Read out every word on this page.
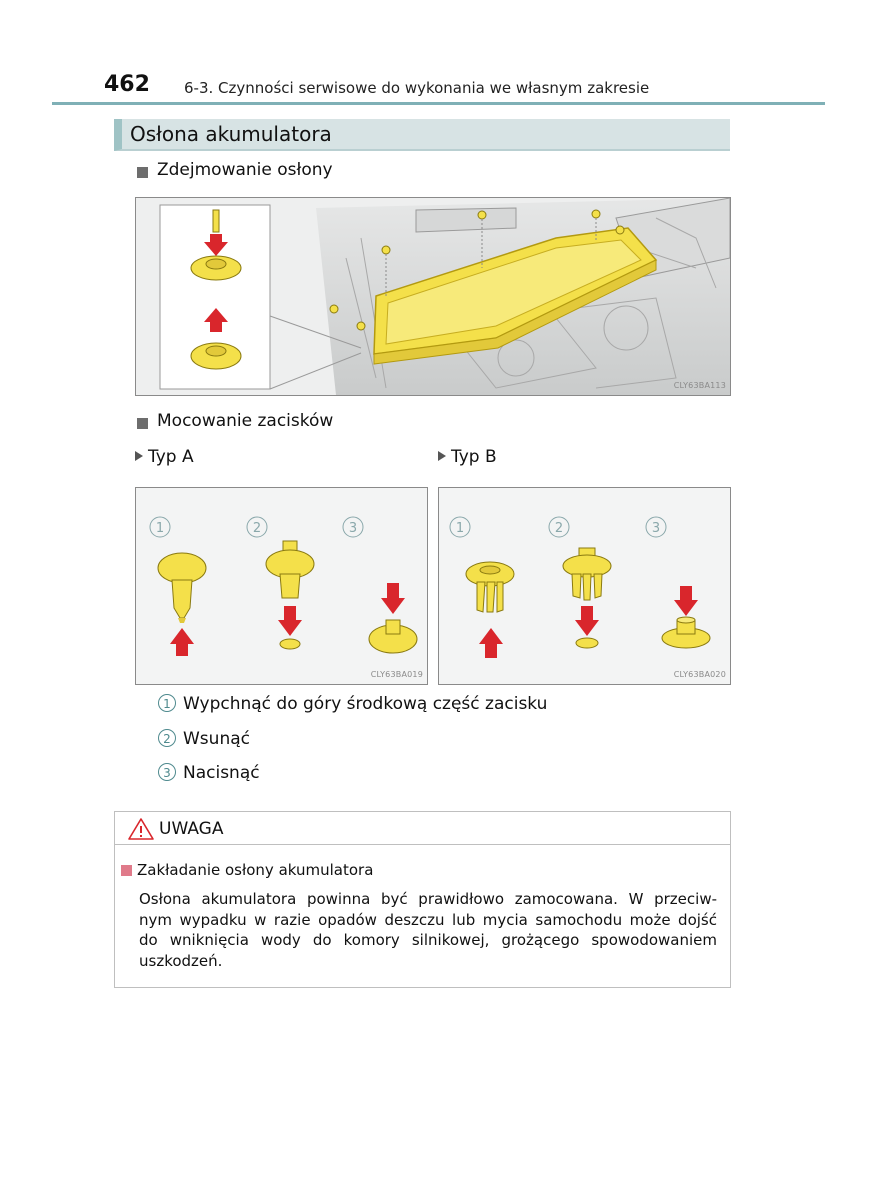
462 6-3. Czynności serwisowe do wykonania we własnym zakresie
Osłona akumulatora
Zdejmowanie osłony
CLY63BA113
Mocowanie zacisków
Typ A	Typ B
1	2	3
CLY63BA019
1	2	3
CLY63BA020
1 Wypchnąć do góry środkową część zacisku
2 Wsunąć
3 Nacisnąć
UWAGA
Zakładanie osłony akumulatora
Osłona akumulatora powinna być prawidłowo zamocowana. W przeciw-
nym wypadku w razie opadów deszczu lub mycia samochodu może dojść
do wniknięcia wody do komory silnikowej, grożącego spowodowaniem
uszkodzeń.
